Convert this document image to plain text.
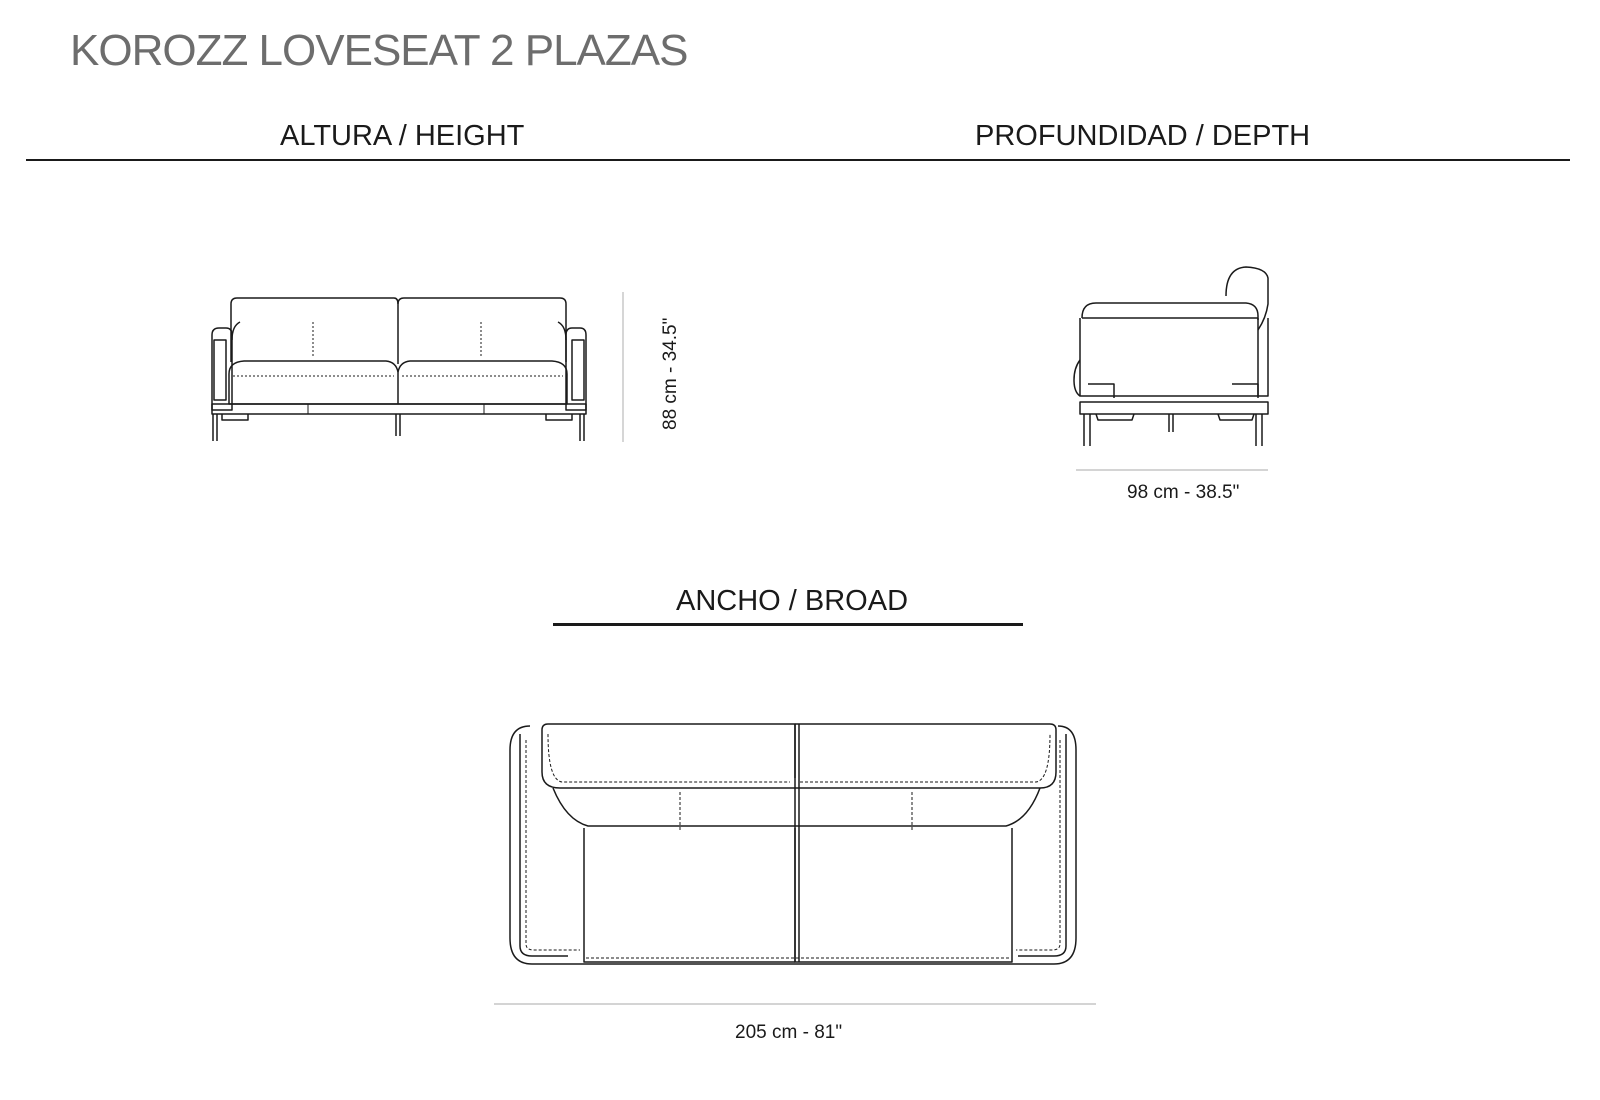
KOROZZ LOVESEAT 2 PLAZAS
ALTURA / HEIGHT	PROFUNDIDAD / DEPTH
ANCHO / BROAD
88 cm - 34.5"
98 cm - 38.5"
205 cm - 81"
